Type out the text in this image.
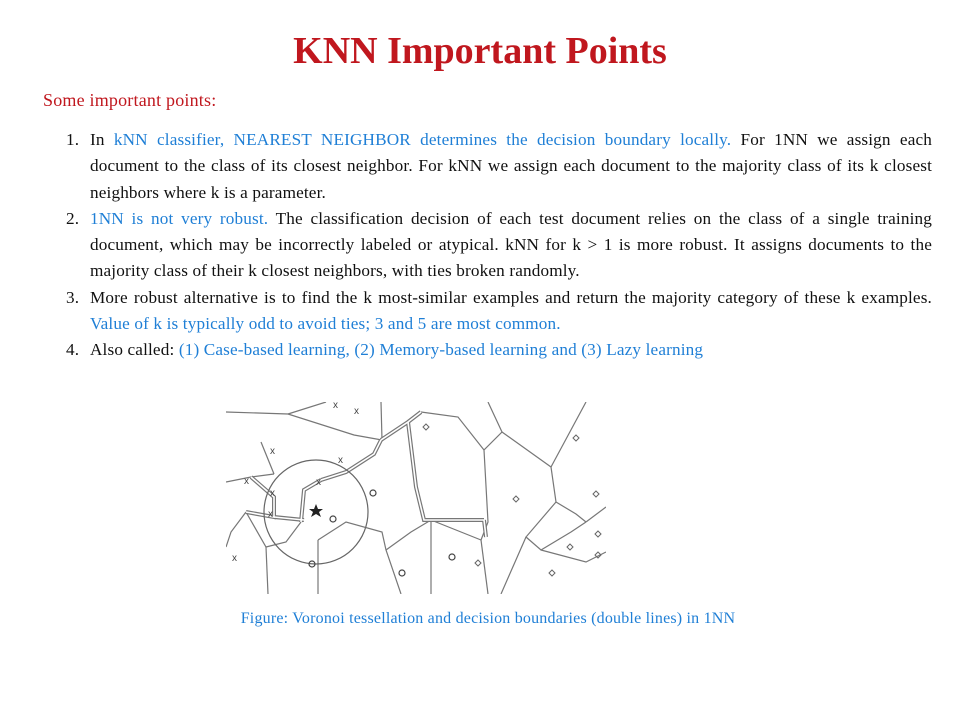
KNN Important Points
Some important points:
1. In kNN classifier, NEAREST NEIGHBOR determines the decision boundary locally. For 1NN we assign each document to the class of its closest neighbor. For kNN we assign each document to the majority class of its k closest neighbors where k is a parameter.
2. 1NN is not very robust. The classification decision of each test document relies on the class of a single training document, which may be incorrectly labeled or atypical. kNN for k > 1 is more robust. It assigns documents to the majority class of their k closest neighbors, with ties broken randomly.
3. More robust alternative is to find the k most-similar examples and return the majority category of these k examples. Value of k is typically odd to avoid ties; 3 and 5 are most common.
4. Also called: (1) Case-based learning, (2) Memory-based learning and (3) Lazy learning
x
x
x
x
x
x
x
x
x
Figure: Voronoi tessellation and decision boundaries (double lines) in 1NN
